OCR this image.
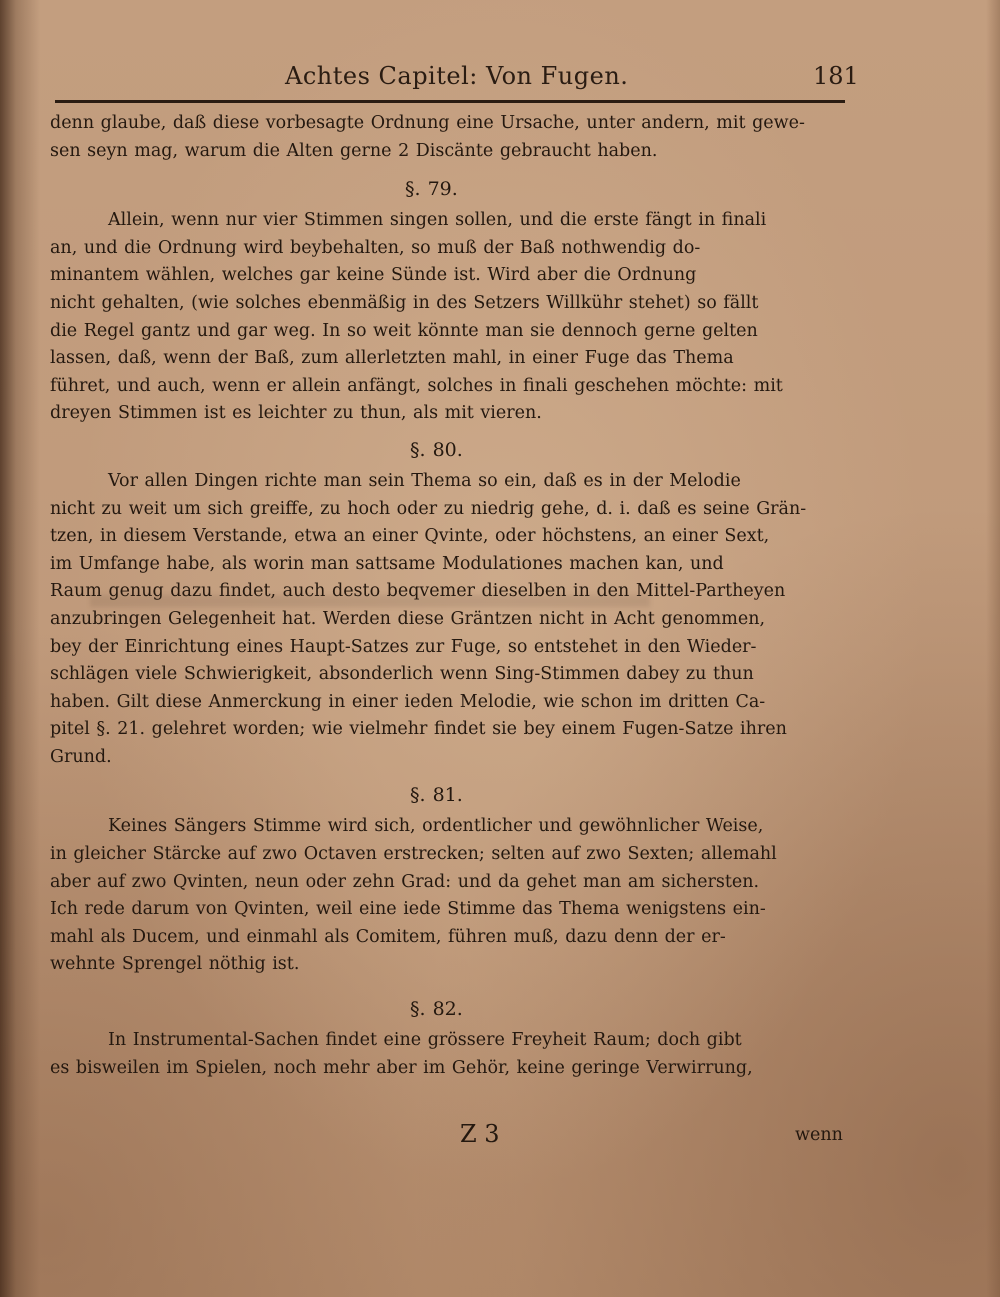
Achtes Capitel: Von Fugen.	181
denn glaube, daß diese vorbesagte Ordnung eine Ursache, unter andern, mit gewe-
sen seyn mag, warum die Alten gerne 2 Discänte gebraucht haben.
§. 79.
Allein, wenn nur vier Stimmen singen sollen, und die erste fängt in finali
an, und die Ordnung wird beybehalten, so muß der Baß nothwendig do-
minantem wählen, welches gar keine Sünde ist. Wird aber die Ordnung
nicht gehalten, (wie solches ebenmäßig in des Setzers Willkühr stehet) so fällt
die Regel gantz und gar weg. In so weit könnte man sie dennoch gerne gelten
lassen, daß, wenn der Baß, zum allerletzten mahl, in einer Fuge das Thema
führet, und auch, wenn er allein anfängt, solches in finali geschehen möchte: mit
dreyen Stimmen ist es leichter zu thun, als mit vieren.
§. 80.
Vor allen Dingen richte man sein Thema so ein, daß es in der Melodie
nicht zu weit um sich greiffe, zu hoch oder zu niedrig gehe, d. i. daß es seine Grän-
tzen, in diesem Verstande, etwa an einer Qvinte, oder höchstens, an einer Sext,
im Umfange habe, als worin man sattsame Modulationes machen kan, und
Raum genug dazu findet, auch desto beqvemer dieselben in den Mittel-Partheyen
anzubringen Gelegenheit hat. Werden diese Gräntzen nicht in Acht genommen,
bey der Einrichtung eines Haupt-Satzes zur Fuge, so entstehet in den Wieder-
schlägen viele Schwierigkeit, absonderlich wenn Sing-Stimmen dabey zu thun
haben. Gilt diese Anmerckung in einer ieden Melodie, wie schon im dritten Ca-
pitel §. 21. gelehret worden; wie vielmehr findet sie bey einem Fugen-Satze ihren
Grund.
§. 81.
Keines Sängers Stimme wird sich, ordentlicher und gewöhnlicher Weise,
in gleicher Stärcke auf zwo Octaven erstrecken; selten auf zwo Sexten; allemahl
aber auf zwo Qvinten, neun oder zehn Grad: und da gehet man am sichersten.
Ich rede darum von Qvinten, weil eine iede Stimme das Thema wenigstens ein-
mahl als Ducem, und einmahl als Comitem, führen muß, dazu denn der er-
wehnte Sprengel nöthig ist.
§. 82.
In Instrumental-Sachen findet eine grössere Freyheit Raum; doch gibt
es bisweilen im Spielen, noch mehr aber im Gehör, keine geringe Verwirrung,
Z 3	wenn
